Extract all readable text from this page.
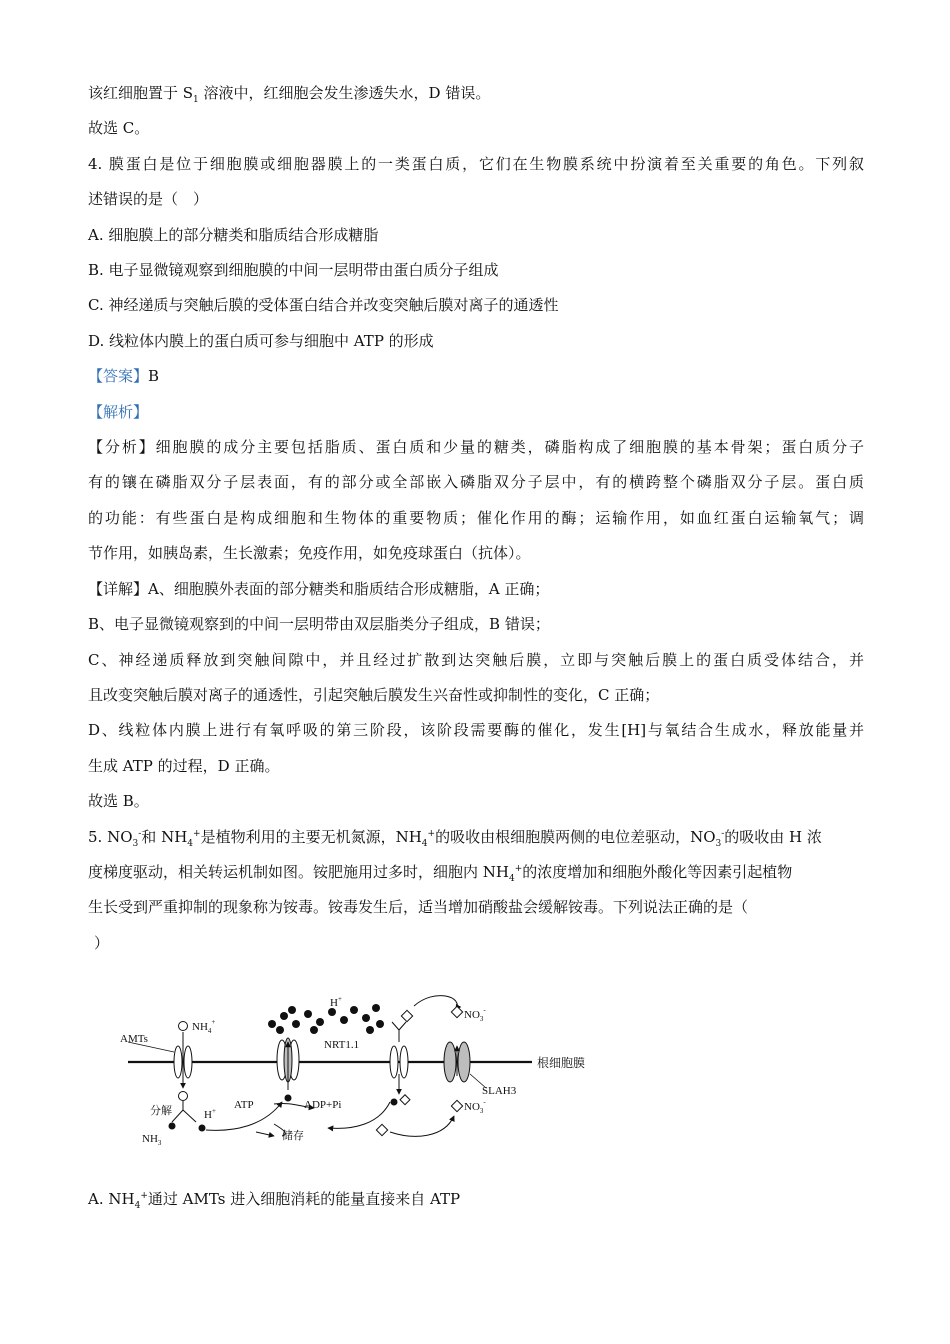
该红细胞置于 $S_1$ 溶液中，红细胞会发生渗透失水，D 错误。
故选 C。
4. 膜蛋白是位于细胞膜或细胞器膜上的一类蛋白质，它们在生物膜系统中扮演着至关重要的角色。下列叙
述错误的是（　）
A. 细胞膜上的部分糖类和脂质结合形成糖脂
B. 电子显微镜观察到细胞膜的中间一层明带由蛋白质分子组成
C. 神经递质与突触后膜的受体蛋白结合并改变突触后膜对离子的通透性
D. 线粒体内膜上的蛋白质可参与细胞中 ATP 的形成
【答案】B
【解析】
【分析】细胞膜的成分主要包括脂质、蛋白质和少量的糖类，磷脂构成了细胞膜的基本骨架；蛋白质分子
有的镶在磷脂双分子层表面，有的部分或全部嵌入磷脂双分子层中，有的横跨整个磷脂双分子层。蛋白质
的功能：有些蛋白是构成细胞和生物体的重要物质；催化作用的酶；运输作用，如血红蛋白运输氧气；调
节作用，如胰岛素，生长激素；免疫作用，如免疫球蛋白（抗体）。
【详解】A、细胞膜外表面的部分糖类和脂质结合形成糖脂，A 正确；
B、电子显微镜观察到的中间一层明带由双层脂类分子组成，B 错误；
C、神经递质释放到突触间隙中，并且经过扩散到达突触后膜，立即与突触后膜上的蛋白质受体结合，并
且改变突触后膜对离子的通透性，引起突触后膜发生兴奋性或抑制性的变化，C 正确；
D、线粒体内膜上进行有氧呼吸的第三阶段，该阶段需要酶的催化，发生[H]与氧结合生成水，释放能量并
生成 ATP 的过程，D 正确。
故选 B。
5. $NO_3^-$和 $NH_4^+$是植物利用的主要无机氮源，$NH_4^+$的吸收由根细胞膜两侧的电位差驱动，$NO_3^-$的吸收由 H 浓
度梯度驱动，相关转运机制如图。铵肥施用过多时，细胞内 $NH_4^+$的浓度增加和细胞外酸化等因素引起植物
生长受到严重抑制的现象称为铵毒。铵毒发生后，适当增加硝酸盐会缓解铵毒。下列说法正确的是（
）
根细胞膜
AMTs
$NH_4^+$
分解
$NH_3$
H+ ATP	ADP+Pi
储存
H+
NRT1.1
$NO_3^-$
SLAH3
$NO_3^-$
A. $NH_4^+$通过 AMTs 进入细胞消耗的能量直接来自 ATP
